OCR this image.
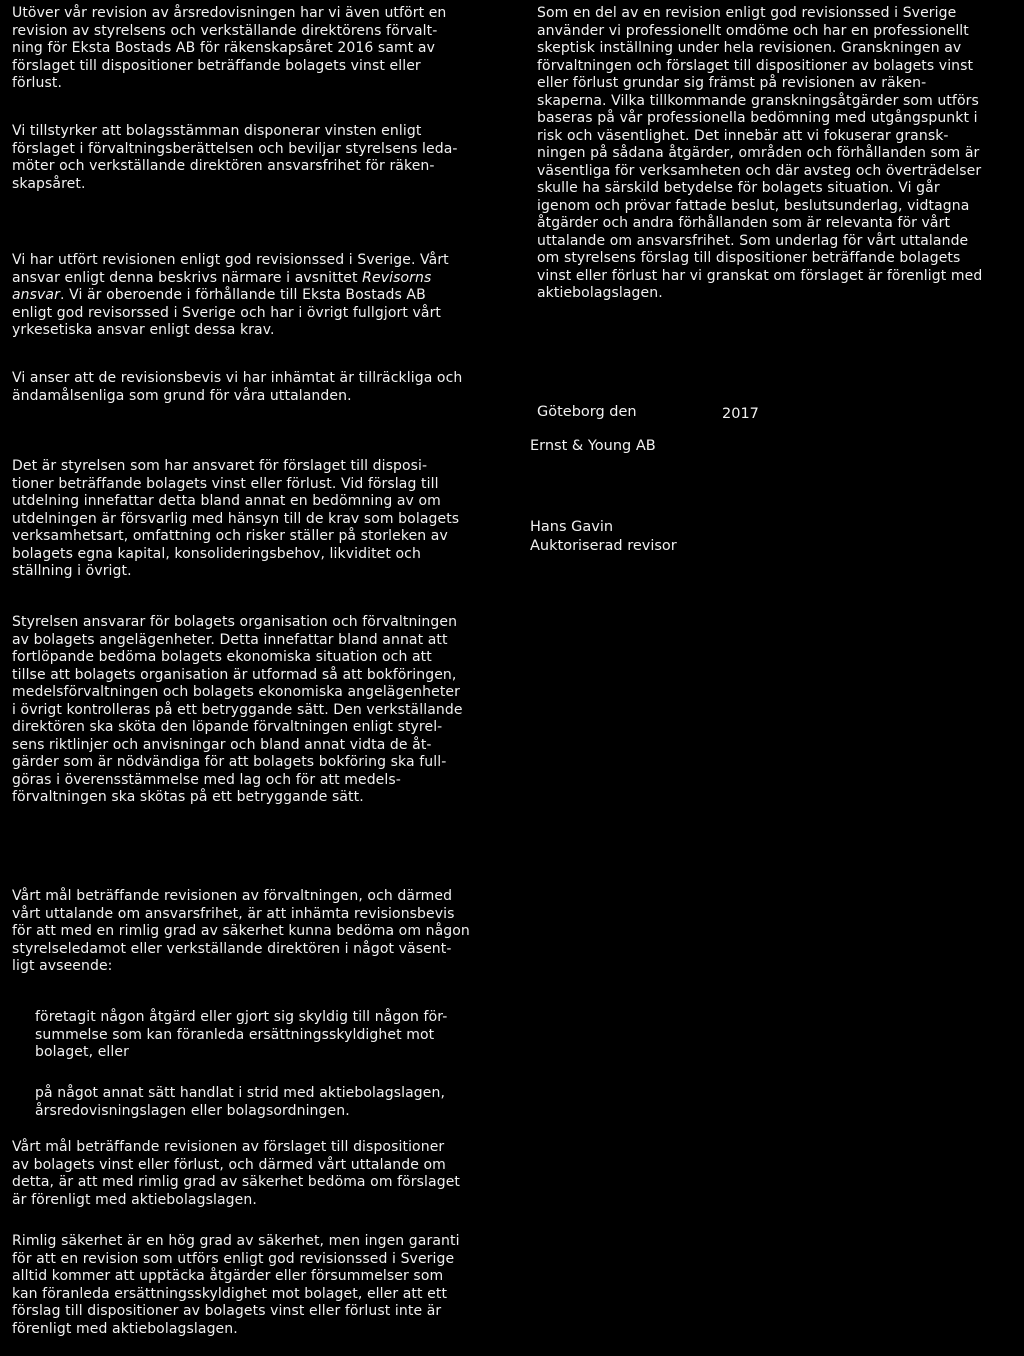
Utöver vår revision av årsredovisningen har vi även utfört en
revision av styrelsens och verkställande direktörens förvalt-
ning för Eksta Bostads AB för räkenskapsåret 2016 samt av
förslaget till dispositioner beträffande bolagets vinst eller
förlust.

Vi tillstyrker att bolagsstämman disponerar vinsten enligt
förslaget i förvaltningsberättelsen och beviljar styrelsens leda-
möter och verkställande direktören ansvarsfrihet för räken-
skapsåret.

Vi har utfört revisionen enligt god revisionssed i Sverige. Vårt
ansvar enligt denna beskrivs närmare i avsnittet Revisorns
ansvar. Vi är oberoende i förhållande till Eksta Bostads AB
enligt god revisorssed i Sverige och har i övrigt fullgjort vårt
yrkesetiska ansvar enligt dessa krav.

Vi anser att de revisionsbevis vi har inhämtat är tillräckliga och
ändamålsenliga som grund för våra uttalanden.

Det är styrelsen som har ansvaret för förslaget till disposi-
tioner beträffande bolagets vinst eller förlust. Vid förslag till
utdelning innefattar detta bland annat en bedömning av om
utdelningen är försvarlig med hänsyn till de krav som bolagets
verksamhetsart, omfattning och risker ställer på storleken av
bolagets egna kapital, konsolideringsbehov, likviditet och
ställning i övrigt.

Styrelsen ansvarar för bolagets organisation och förvaltningen
av bolagets angelägenheter. Detta innefattar bland annat att
fortlöpande bedöma bolagets ekonomiska situation och att
tillse att bolagets organisation är utformad så att bokföringen,
medelsförvaltningen och bolagets ekonomiska angelägenheter
i övrigt kontrolleras på ett betryggande sätt. Den verkställande
direktören ska sköta den löpande förvaltningen enligt styrel-
sens riktlinjer och anvisningar och bland annat vidta de åt-
gärder som är nödvändiga för att bolagets bokföring ska full-
göras i överensstämmelse med lag och för att medels-
förvaltningen ska skötas på ett betryggande sätt.

Vårt mål beträffande revisionen av förvaltningen, och därmed
vårt uttalande om ansvarsfrihet, är att inhämta revisionsbevis
för att med en rimlig grad av säkerhet kunna bedöma om någon
styrelseledamot eller verkställande direktören i något väsent-
ligt avseende:

företagit någon åtgärd eller gjort sig skyldig till någon för-
summelse som kan föranleda ersättningsskyldighet mot
bolaget, eller

på något annat sätt handlat i strid med aktiebolagslagen,
årsredovisningslagen eller bolagsordningen.

Vårt mål beträffande revisionen av förslaget till dispositioner
av bolagets vinst eller förlust, och därmed vårt uttalande om
detta, är att med rimlig grad av säkerhet bedöma om förslaget
är förenligt med aktiebolagslagen.

Rimlig säkerhet är en hög grad av säkerhet, men ingen garanti
för att en revision som utförs enligt god revisionssed i Sverige
alltid kommer att upptäcka åtgärder eller försummelser som
kan föranleda ersättningsskyldighet mot bolaget, eller att ett
förslag till dispositioner av bolagets vinst eller förlust inte är
förenligt med aktiebolagslagen.

Som en del av en revision enligt god revisionssed i Sverige
använder vi professionellt omdöme och har en professionellt
skeptisk inställning under hela revisionen. Granskningen av
förvaltningen och förslaget till dispositioner av bolagets vinst
eller förlust grundar sig främst på revisionen av räken-
skaperna. Vilka tillkommande granskningsåtgärder som utförs
baseras på vår professionella bedömning med utgångspunkt i
risk och väsentlighet. Det innebär att vi fokuserar gransk-
ningen på sådana åtgärder, områden och förhållanden som är
väsentliga för verksamheten och där avsteg och överträdelser
skulle ha särskild betydelse för bolagets situation. Vi går
igenom och prövar fattade beslut, beslutsunderlag, vidtagna
åtgärder och andra förhållanden som är relevanta för vårt
uttalande om ansvarsfrihet. Som underlag för vårt uttalande
om styrelsens förslag till dispositioner beträffande bolagets
vinst eller förlust har vi granskat om förslaget är förenligt med
aktiebolagslagen.

Göteborg den	2017
Ernst & Young AB
Hans Gavin
Auktoriserad revisor
